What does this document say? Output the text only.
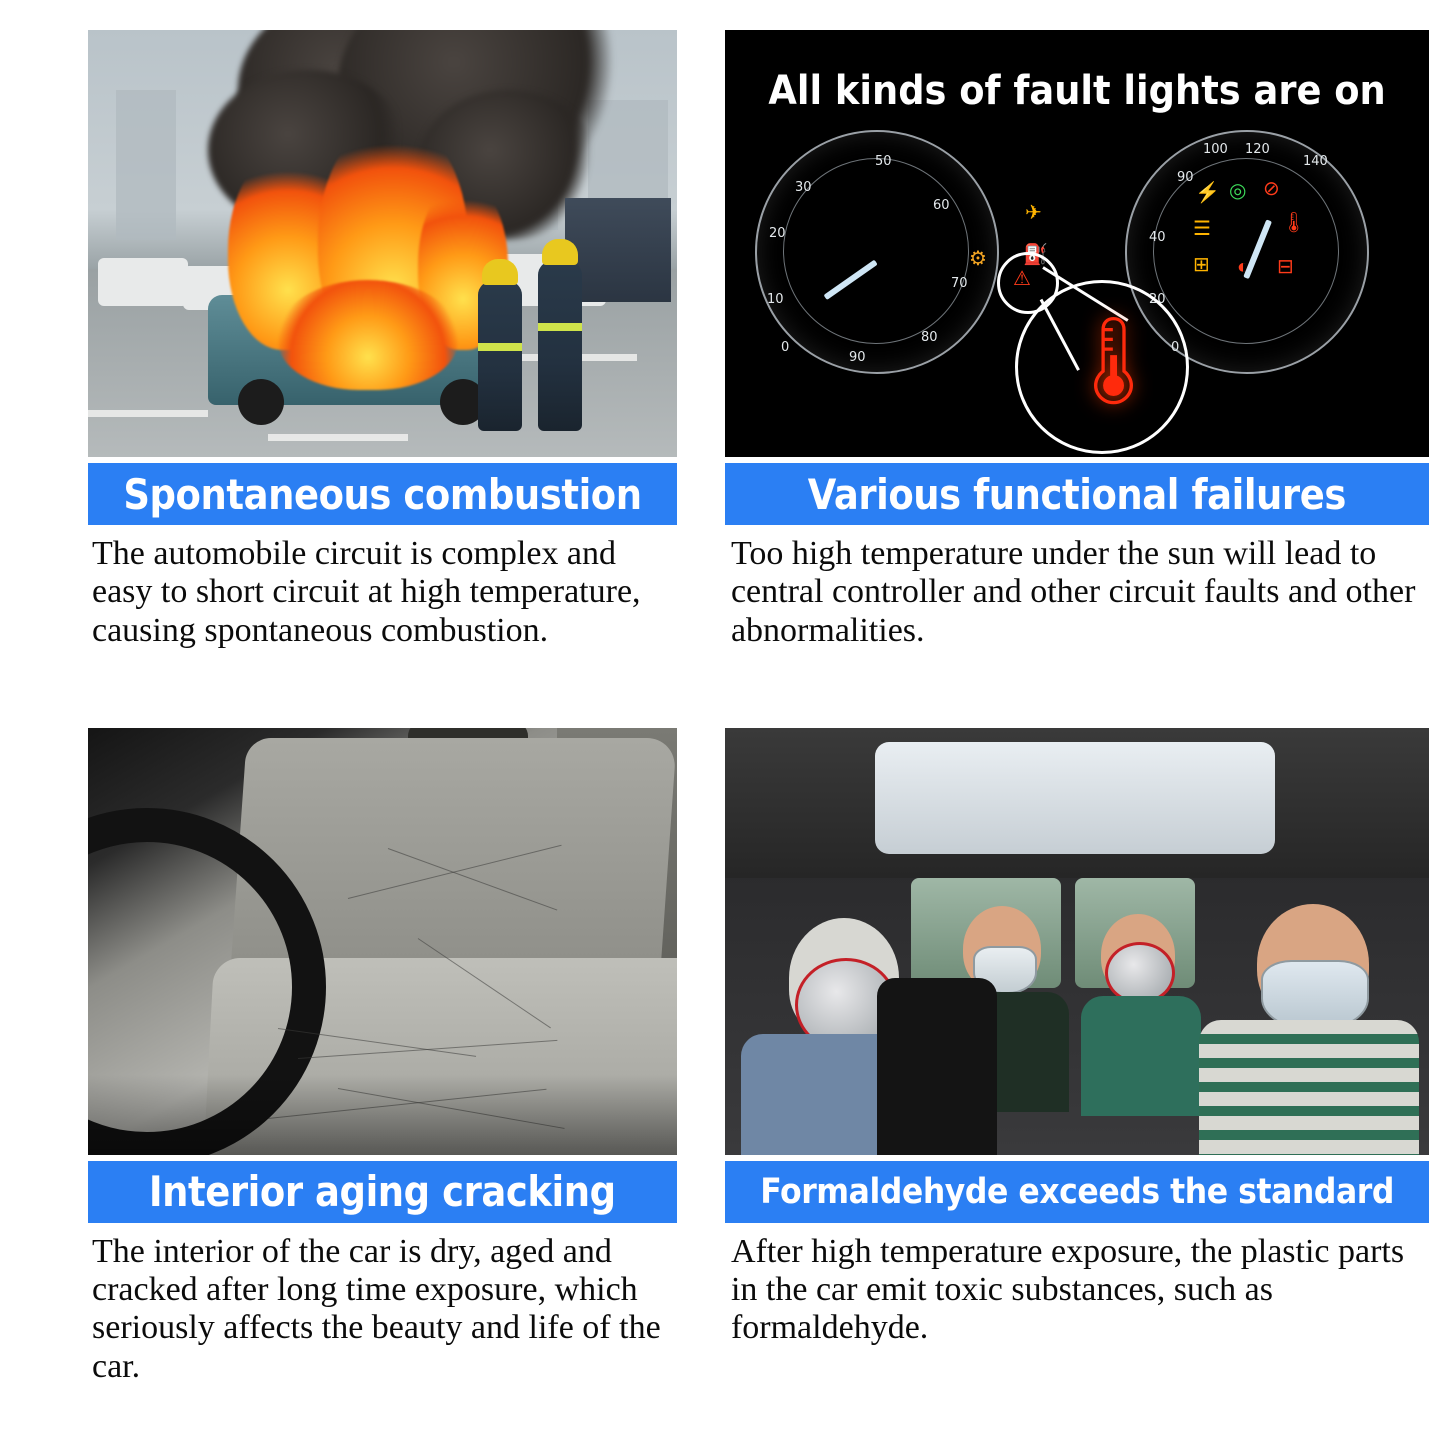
Spontaneous combustion
The automobile circuit is complex and easy to short circuit at high temperature, causing spontaneous combustion.
All kinds of fault lights are on
30
20
10
0
50
60
70
80
90
90
40
20
0
120
140
100
✈
⛽
⚙
⚠
⚡ ◎ ⊘
☰	🌡
⊞ ◐ ⊟
🌡
Various functional failures
Too high temperature under the sun will lead to central controller and other circuit faults and other abnormalities.
Interior aging cracking
The interior of the car is dry, aged and cracked after long time exposure, which seriously affects the beauty and life of the car.
Formaldehyde exceeds the standard
After high temperature exposure, the plastic parts in the car emit toxic substances, such as formaldehyde.
